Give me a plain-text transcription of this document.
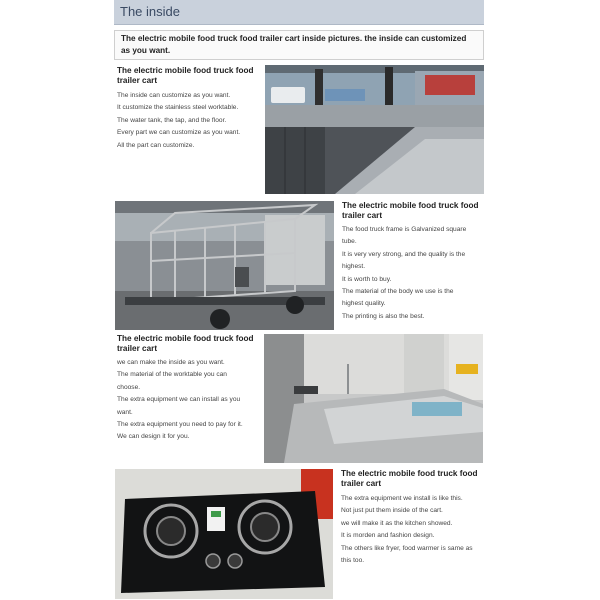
The inside
The electric mobile food truck food trailer cart inside pictures. the inside can customized as you want.
The electric mobile food truck food trailer cart
The inside can customize as you want.
It customize the stainless steel worktable.
The water tank, the tap, and the floor.
Every part we can customize as you want.
All the part can customize.
The electric mobile food truck food trailer cart
The food truck frame is Galvanized square
tube.
It is very very strong, and the quality is the
highest.
It is worth to buy.
The material of the body we use is the
highest quality.
The printing is also the best.
The electric mobile food truck food trailer cart
we can make the inside as you want.
The material of the worktable you can
choose.
The extra equipment we can install as you
want.
The extra equipment you need to pay for it.
We can design it for you.
The electric mobile food truck food trailer cart
The extra equipment we install is like this.
Not just put them inside of the cart.
we will make it as the kitchen showed.
It is morden and fashion design.
The others like fryer, food warmer is same as
this too.
